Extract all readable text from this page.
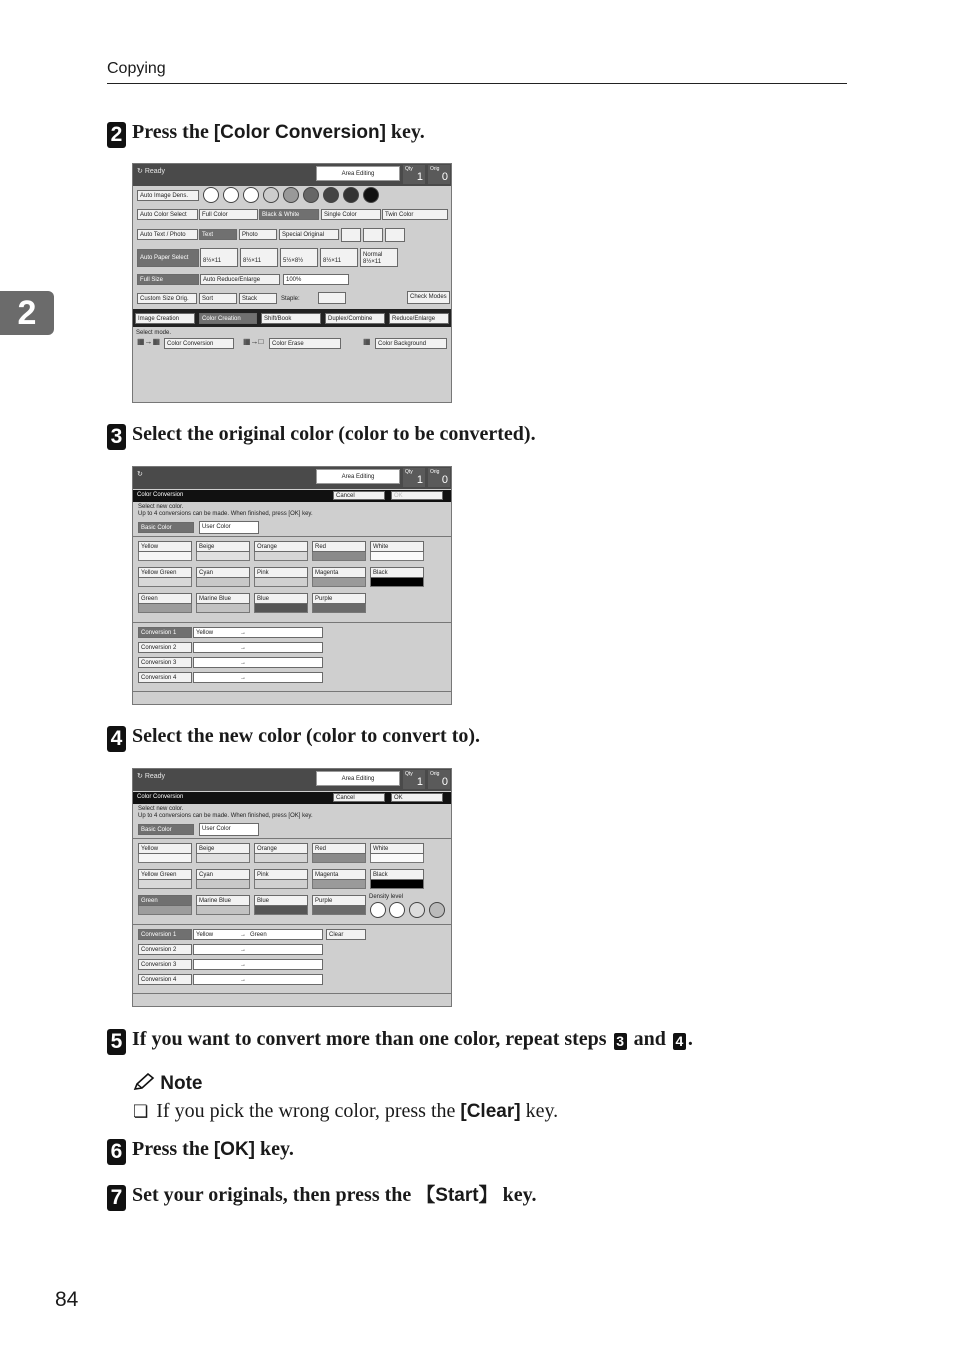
Copying
2
2 Press the [Color Conversion] key.
↻ Ready	Area Editing
Qty
1
Orig
0
Auto Image Dens.
Auto Color Select	Full Color	Black & White	Single Color	Twin Color
Auto Text / Photo	Text	Photo	Special Original
Auto Paper Select	8½×11	8½×11	5½×8½	8½×11
Normal 8½×11
Full Size	Auto Reduce/Enlarge	100%
Custom Size Orig.	Sort	Stack	Staple:	Check Modes
Image Creation	Color Creation	Shift/Book	Duplex/Combine	Reduce/Enlarge
Select mode.
▦→▦	Color Conversion	▦→□	Color Erase	▦	Color Background
3 Select the original color (color to be converted).
↻	Area Editing
Qty
1
Orig
0
Color Conversion	Cancel	OK
Select new color.
Up to 4 conversions can be made. When finished, press [OK] key.
Basic Color	User Color
Yellow	Beige	Orange	Red	White
Yellow Green	Cyan	Pink	Magenta	Black
Green	Marine Blue	Blue	Purple
Conversion 1	Yellow	→
Conversion 2	→
Conversion 3	→
Conversion 4	→
4 Select the new color (color to convert to).
↻ Ready	Area Editing
Qty
1
Orig
0
Color Conversion	Cancel	OK
Select new color.
Up to 4 conversions can be made. When finished, press [OK] key.
Basic Color	User Color
Yellow	Beige	Orange	Red	White
Yellow Green	Cyan	Pink	Magenta	Black
Green	Marine Blue	Blue	Purple
Density level
Conversion 1	Yellow	→ Green
Conversion 2	→
Conversion 3	→
Conversion 4	→
Clear
5 If you want to convert more than one color, repeat steps 3 and 4 .
Note
❏ If you pick the wrong color, press the [Clear] key.
6 Press the [OK] key.
7 Set your originals, then press the 【Start】 key.
84
